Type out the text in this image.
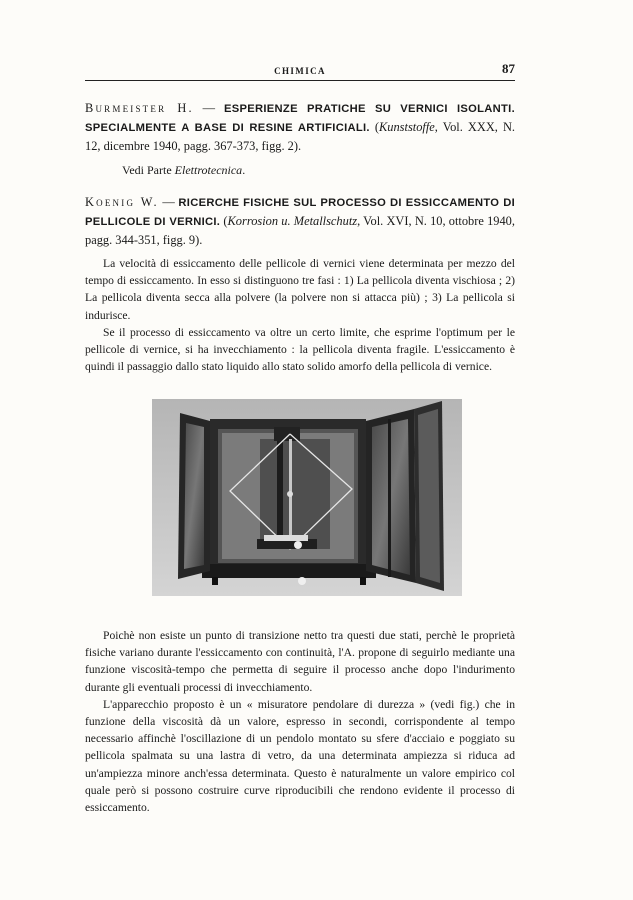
CHIMICA	87
Burmeister H. — ESPERIENZE PRATICHE SU VERNICI ISOLANTI. SPECIALMENTE A BASE DI RESINE ARTIFICIALI. (Kunststoffe, Vol. XXX, N. 12, dicembre 1940, pagg. 367-373, figg. 2).
Vedi Parte Elettrotecnica.
Koenig W. — RICERCHE FISICHE SUL PROCESSO DI ESSICCAMENTO DI PELLICOLE DI VERNICI. (Korrosion u. Metallschutz, Vol. XVI, N. 10, ottobre 1940, pagg. 344-351, figg. 9).

La velocità di essiccamento delle pellicole di vernici viene determinata per mezzo del tempo di essiccamento. In esso si distinguono tre fasi : 1) La pellicola diventa vischiosa ; 2) La pellicola diventa secca alla polvere (la polvere non si attacca più) ; 3) La pellicola si indurisce.

Se il processo di essiccamento va oltre un certo limite, che esprime l'optimum per le pellicole di vernice, si ha invecchiamento : la pellicola diventa fragile. L'essiccamento è quindi il passaggio dallo stato liquido allo stato solido amorfo della pellicola di vernice.

Poichè non esiste un punto di transizione netto tra questi due stati, perchè le proprietà fisiche variano durante l'essiccamento con continuità, l'A. propone di seguirlo mediante una funzione viscosità-tempo che permetta di seguire il processo anche dopo l'indurimento durante gli eventuali processi di invecchiamento.

L'apparecchio proposto è un « misuratore pendolare di durezza » (vedi fig.) che in funzione della viscosità dà un valore, espresso in secondi, corrispondente al tempo necessario affinchè l'oscillazione di un pendolo montato su sfere d'acciaio e poggiato su pellicola spalmata su una lastra di vetro, da una determinata ampiezza si riduca ad un'ampiezza minore anch'essa determinata. Questo è naturalmente un valore empirico col quale però si possono costruire curve riproducibili che rendono evidente il processo di essiccamento.
